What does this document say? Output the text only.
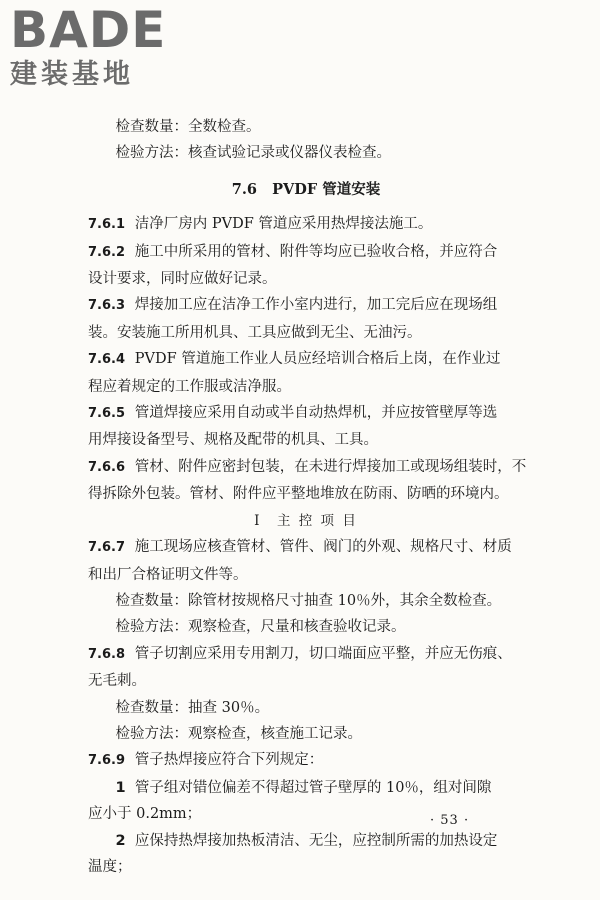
BADE
建装基地
检查数量：全数检查。
检验方法：核查试验记录或仪器仪表检查。
7.6 PVDF 管道安装
7.6.1 洁净厂房内 PVDF 管道应采用热焊接法施工。
7.6.2 施工中所采用的管材、附件等均应已验收合格，并应符合
设计要求，同时应做好记录。
7.6.3 焊接加工应在洁净工作小室内进行，加工完后应在现场组
装。安装施工所用机具、工具应做到无尘、无油污。
7.6.4 PVDF 管道施工作业人员应经培训合格后上岗，在作业过
程应着规定的工作服或洁净服。
7.6.5 管道焊接应采用自动或半自动热焊机，并应按管壁厚等选
用焊接设备型号、规格及配带的机具、工具。
7.6.6 管材、附件应密封包装，在未进行焊接加工或现场组装时，不
得拆除外包装。管材、附件应平整地堆放在防雨、防晒的环境内。
Ⅰ　主 控 项 目
7.6.7 施工现场应核查管材、管件、阀门的外观、规格尺寸、材质
和出厂合格证明文件等。
检查数量：除管材按规格尺寸抽查 10％外，其余全数检查。
检验方法：观察检查，尺量和核查验收记录。
7.6.8 管子切割应采用专用割刀，切口端面应平整，并应无伤痕、
无毛刺。
检查数量：抽查 30％。
检验方法：观察检查，核查施工记录。
7.6.9 管子热焊接应符合下列规定：
1 管子组对错位偏差不得超过管子壁厚的 10％，组对间隙
应小于 0.2mm；
2 应保持热焊接加热板清洁、无尘，应控制所需的加热设定
温度；
· 53 ·
